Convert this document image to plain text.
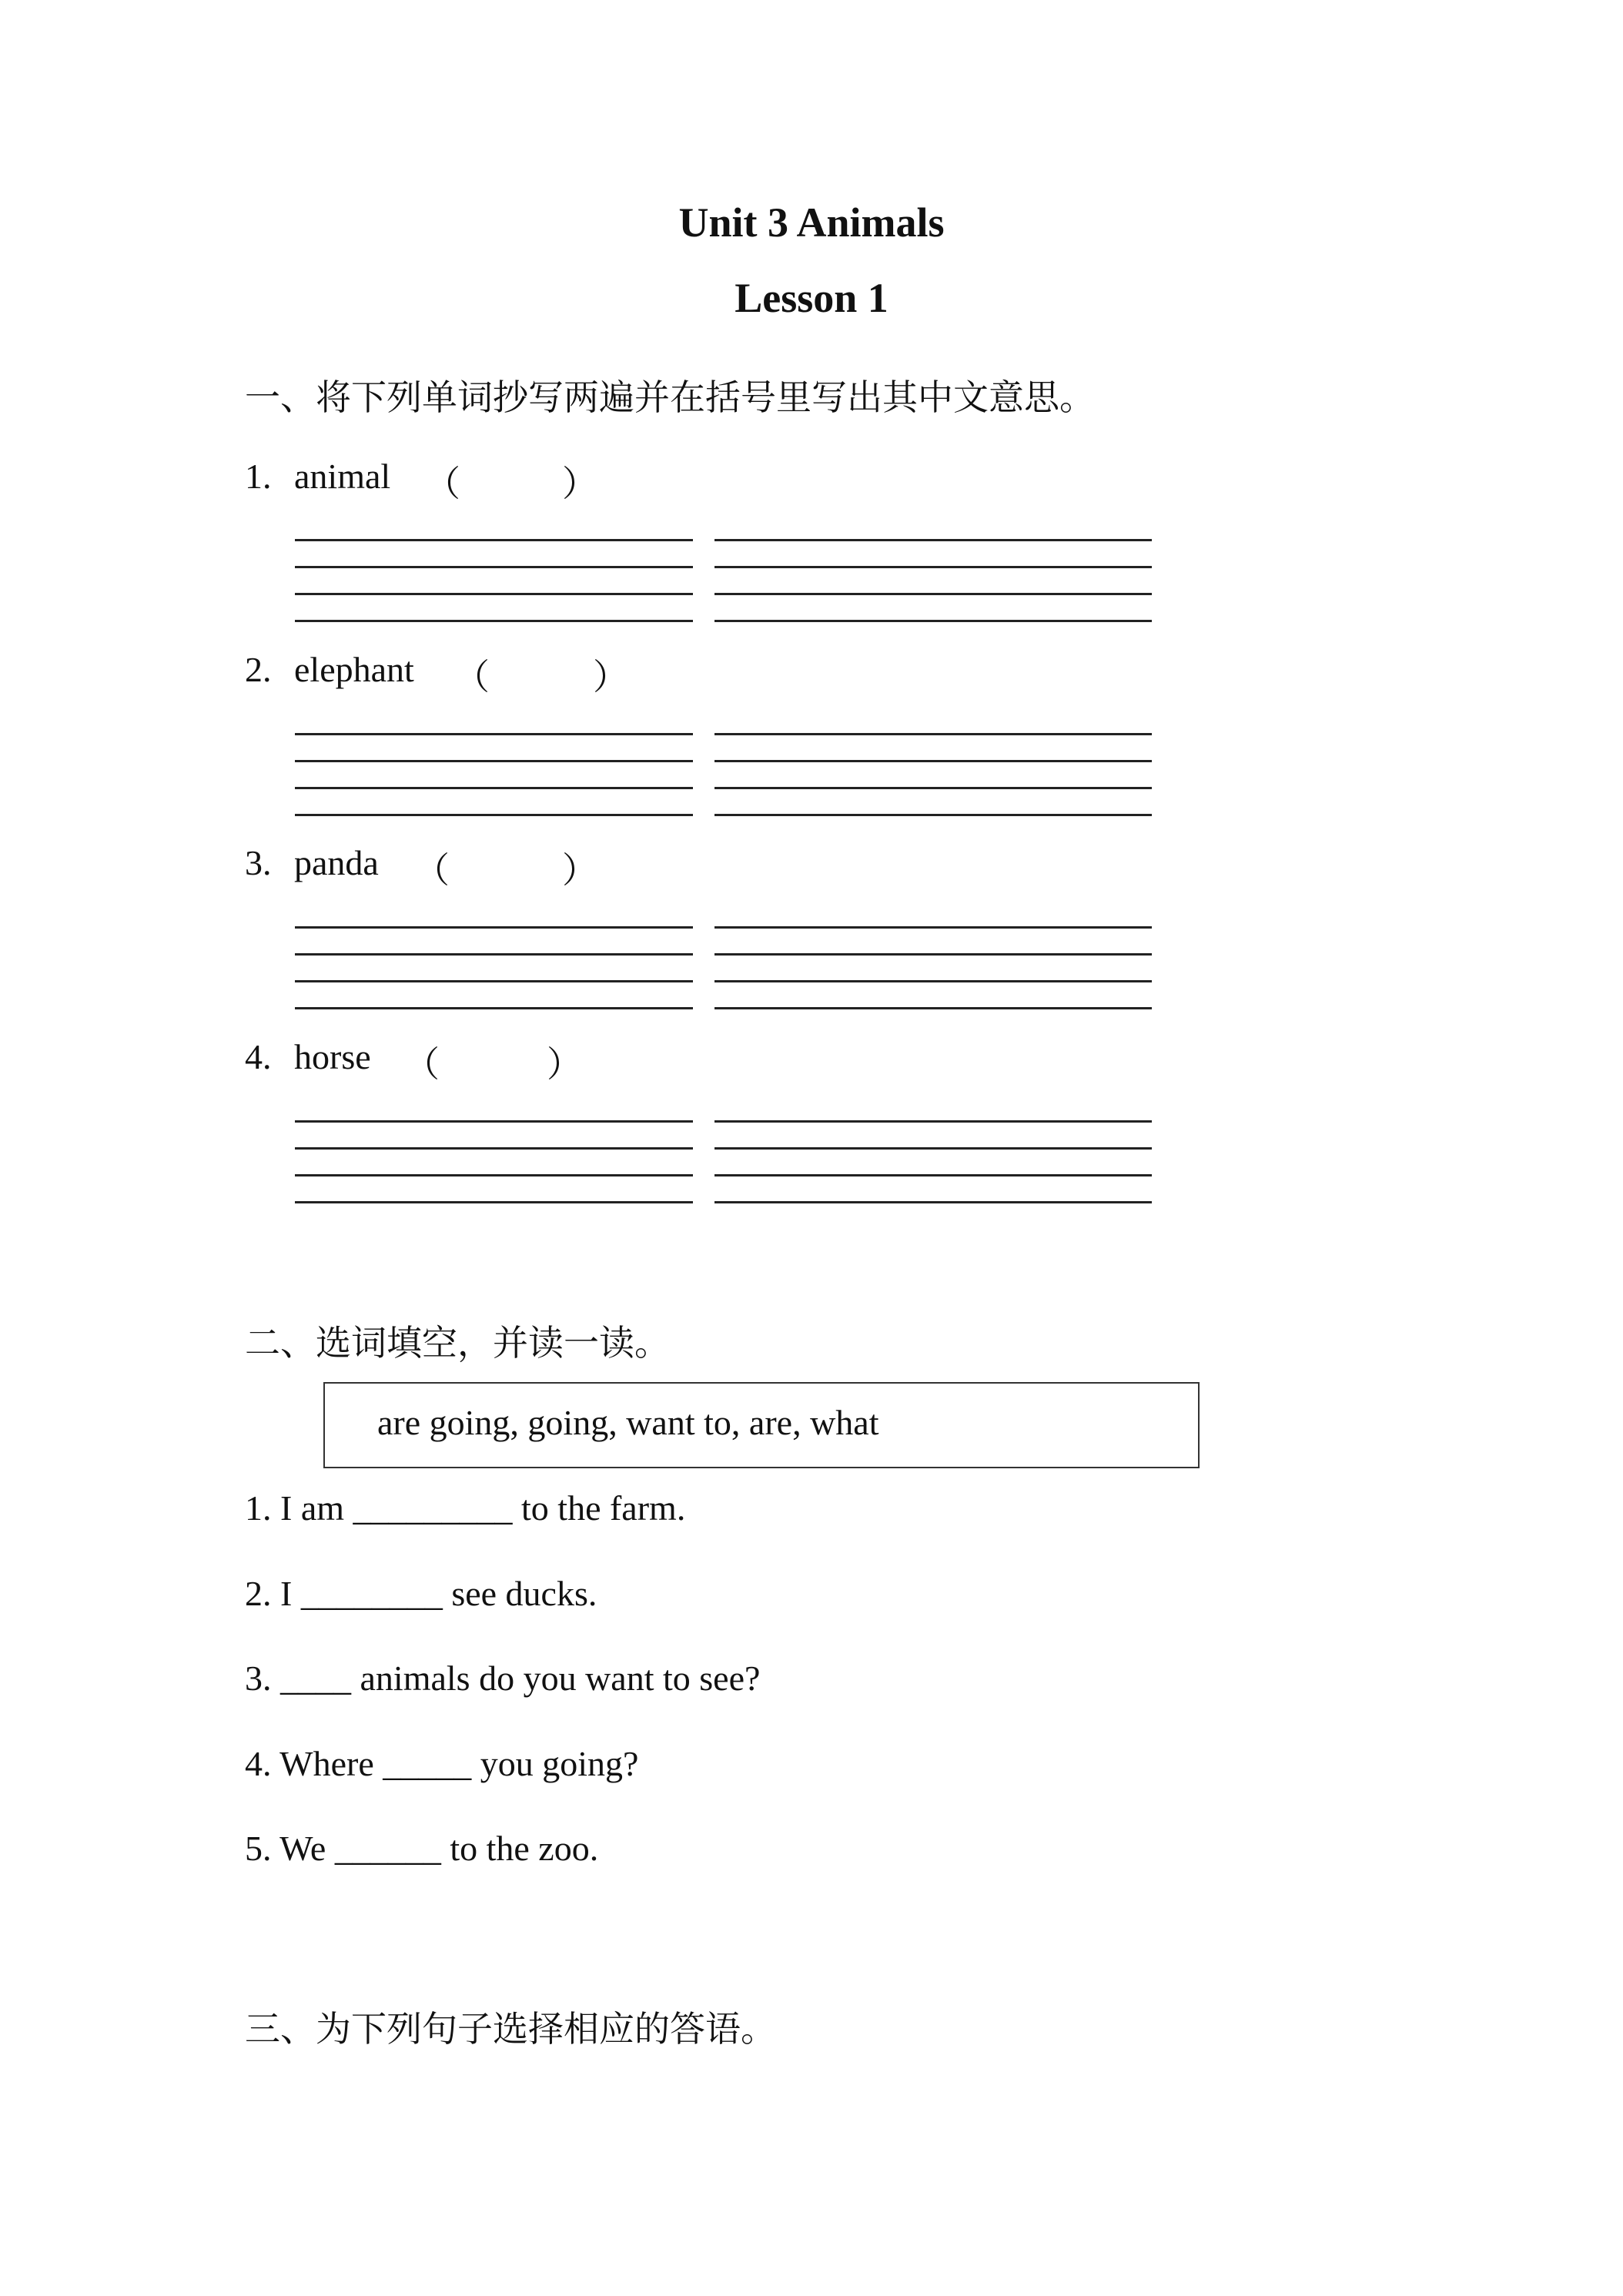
Unit 3 Animals
Lesson 1
一、将下列单词抄写两遍并在括号里写出其中文意思。
1. animal （	）
2. elephant （	）
3. panda （	）
4. horse （	）
二、选词填空，并读一读。
are going, going, want to, are, what
1. I am _________ to the farm.
2. I ________ see ducks.
3. ____ animals do you want to see?
4. Where _____ you going?
5. We ______ to the zoo.
三、为下列句子选择相应的答语。
